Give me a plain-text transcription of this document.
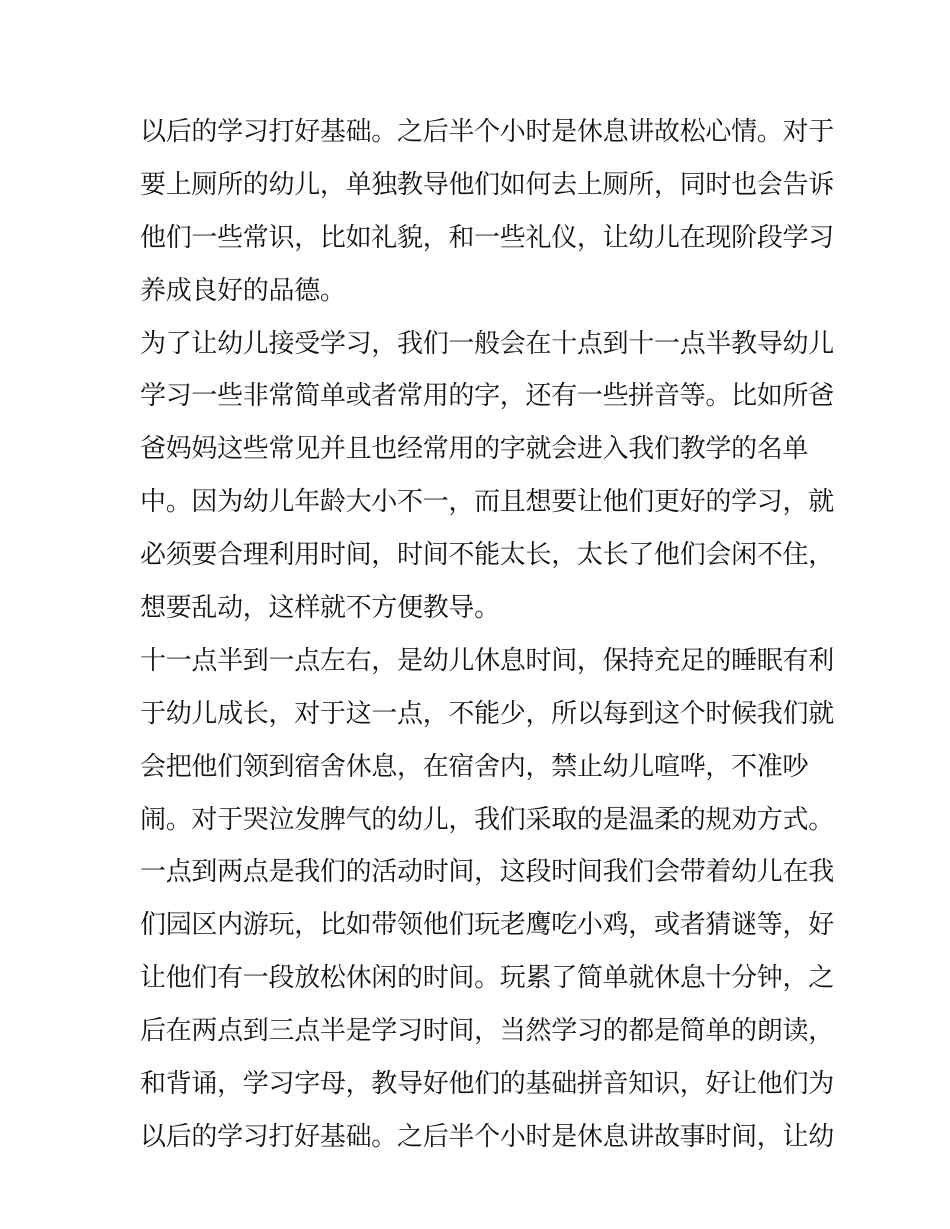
以后的学习打好基础。之后半个小时是休息讲故松心情。对于
要上厕所的幼儿，单独教导他们如何去上厕所，同时也会告诉
他们一些常识，比如礼貌，和一些礼仪，让幼儿在现阶段学习
养成良好的品德。
为了让幼儿接受学习，我们一般会在十点到十一点半教导幼儿
学习一些非常简单或者常用的字，还有一些拼音等。比如所爸
爸妈妈这些常见并且也经常用的字就会进入我们教学的名单
中。因为幼儿年龄大小不一，而且想要让他们更好的学习，就
必须要合理利用时间，时间不能太长，太长了他们会闲不住，
想要乱动，这样就不方便教导。
十一点半到一点左右，是幼儿休息时间，保持充足的睡眠有利
于幼儿成长，对于这一点，不能少，所以每到这个时候我们就
会把他们领到宿舍休息，在宿舍内，禁止幼儿喧哗，不准吵
闹。对于哭泣发脾气的幼儿，我们采取的是温柔的规劝方式。
一点到两点是我们的活动时间，这段时间我们会带着幼儿在我
们园区内游玩，比如带领他们玩老鹰吃小鸡，或者猜谜等，好
让他们有一段放松休闲的时间。玩累了简单就休息十分钟，之
后在两点到三点半是学习时间，当然学习的都是简单的朗读，
和背诵，学习字母，教导好他们的基础拼音知识，好让他们为
以后的学习打好基础。之后半个小时是休息讲故事时间，让幼
